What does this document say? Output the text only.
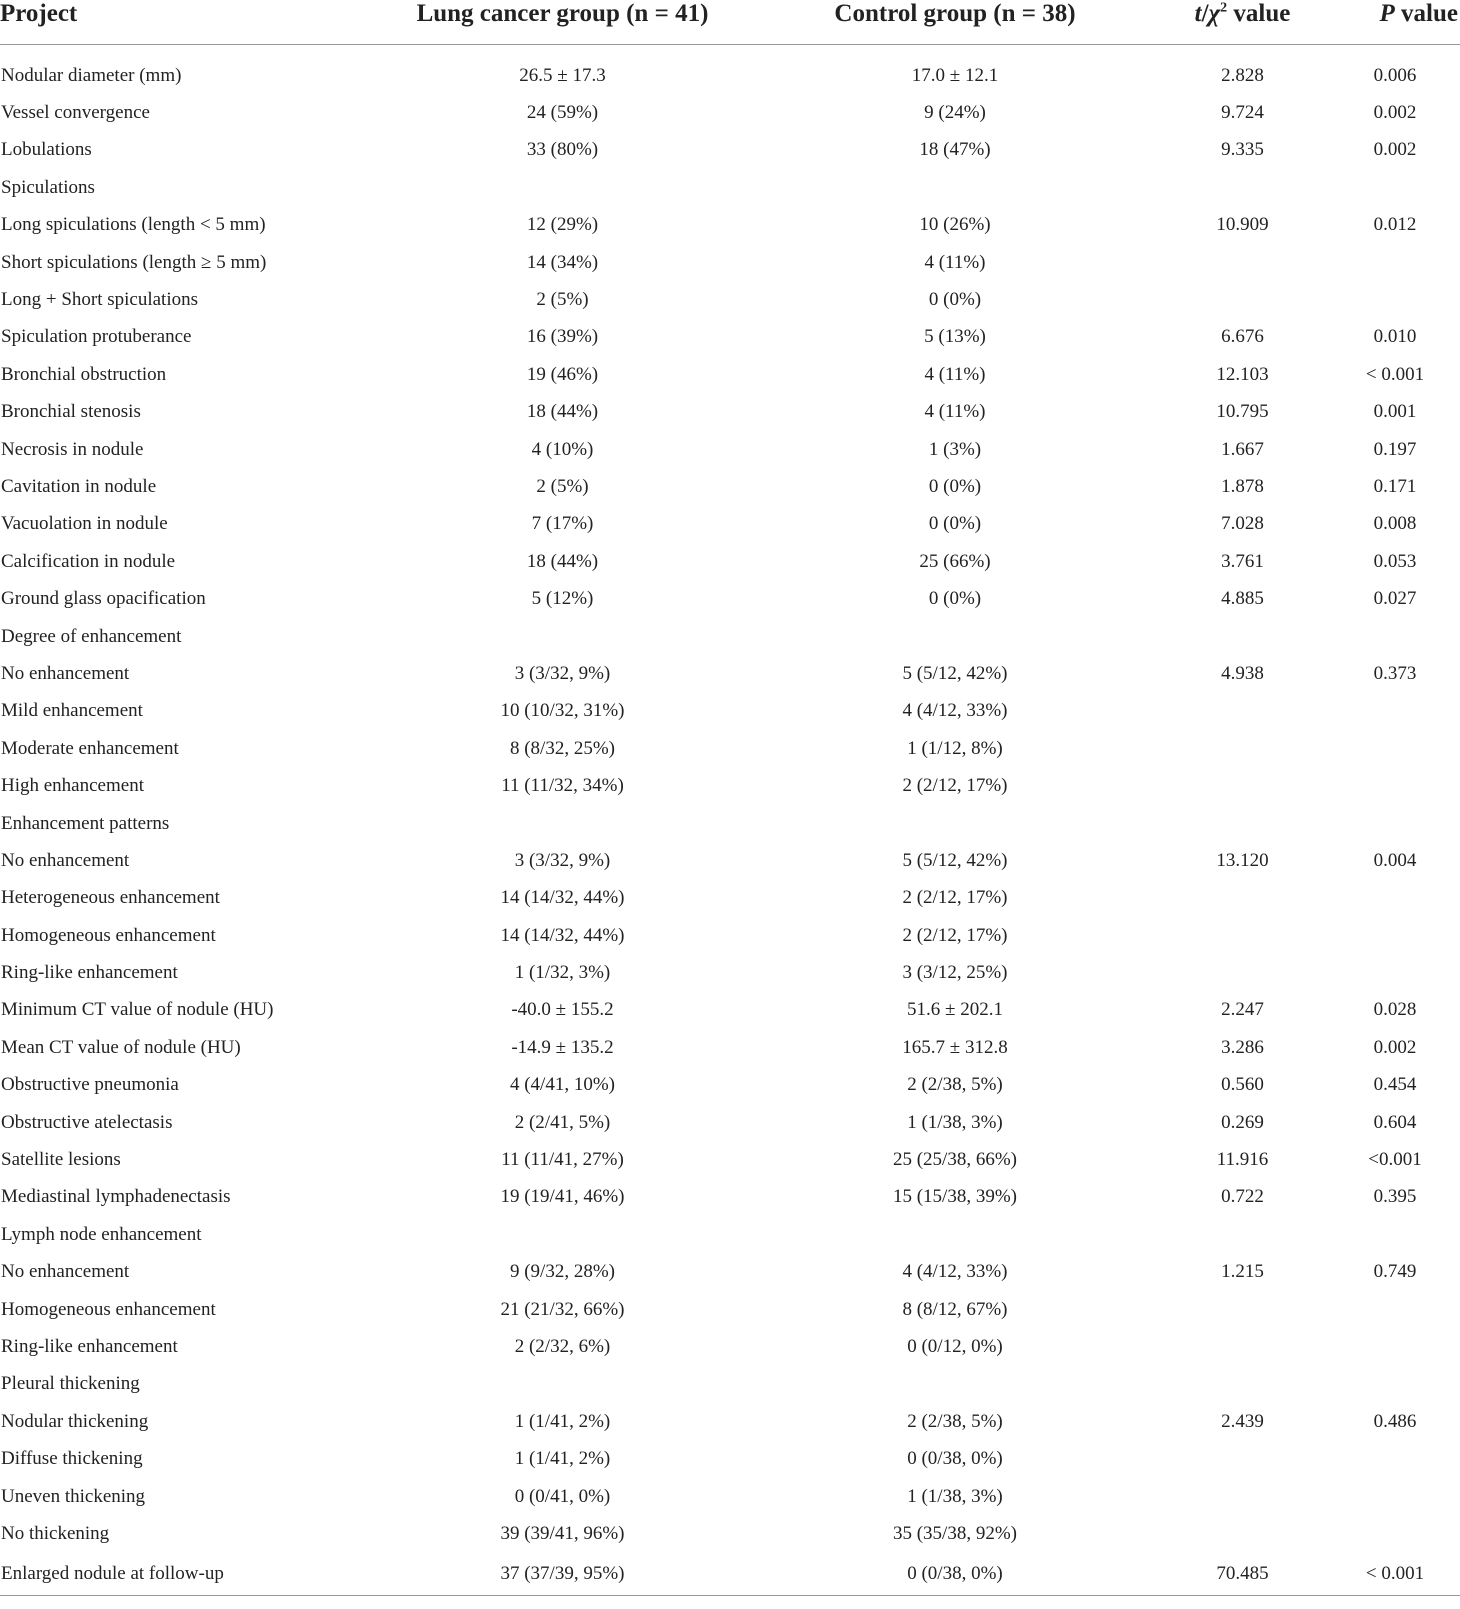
Project	Lung cancer group (n = 41)	Control group (n = 38)	$t/\chi^2$ value	P value
Nodular diameter (mm)	26.5 ± 17.3	17.0 ± 12.1	2.828	0.006
Vessel convergence	24 (59%)	9 (24%)	9.724	0.002
Lobulations	33 (80%)	18 (47%)	9.335	0.002
Spiculations				
Long spiculations (length < 5 mm)	12 (29%)	10 (26%)	10.909	0.012
Short spiculations (length ≥ 5 mm)	14 (34%)	4 (11%)		
Long + Short spiculations	2 (5%)	0 (0%)		
Spiculation protuberance	16 (39%)	5 (13%)	6.676	0.010
Bronchial obstruction	19 (46%)	4 (11%)	12.103	< 0.001
Bronchial stenosis	18 (44%)	4 (11%)	10.795	0.001
Necrosis in nodule	4 (10%)	1 (3%)	1.667	0.197
Cavitation in nodule	2 (5%)	0 (0%)	1.878	0.171
Vacuolation in nodule	7 (17%)	0 (0%)	7.028	0.008
Calcification in nodule	18 (44%)	25 (66%)	3.761	0.053
Ground glass opacification	5 (12%)	0 (0%)	4.885	0.027
Degree of enhancement				
No enhancement	3 (3/32, 9%)	5 (5/12, 42%)	4.938	0.373
Mild enhancement	10 (10/32, 31%)	4 (4/12, 33%)		
Moderate enhancement	8 (8/32, 25%)	1 (1/12, 8%)		
High enhancement	11 (11/32, 34%)	2 (2/12, 17%)		
Enhancement patterns				
No enhancement	3 (3/32, 9%)	5 (5/12, 42%)	13.120	0.004
Heterogeneous enhancement	14 (14/32, 44%)	2 (2/12, 17%)		
Homogeneous enhancement	14 (14/32, 44%)	2 (2/12, 17%)		
Ring-like enhancement	1 (1/32, 3%)	3 (3/12, 25%)		
Minimum CT value of nodule (HU)	-40.0 ± 155.2	51.6 ± 202.1	2.247	0.028
Mean CT value of nodule (HU)	-14.9 ± 135.2	165.7 ± 312.8	3.286	0.002
Obstructive pneumonia	4 (4/41, 10%)	2 (2/38, 5%)	0.560	0.454
Obstructive atelectasis	2 (2/41, 5%)	1 (1/38, 3%)	0.269	0.604
Satellite lesions	11 (11/41, 27%)	25 (25/38, 66%)	11.916	<0.001
Mediastinal lymphadenectasis	19 (19/41, 46%)	15 (15/38, 39%)	0.722	0.395
Lymph node enhancement				
No enhancement	9 (9/32, 28%)	4 (4/12, 33%)	1.215	0.749
Homogeneous enhancement	21 (21/32, 66%)	8 (8/12, 67%)		
Ring-like enhancement	2 (2/32, 6%)	0 (0/12, 0%)		
Pleural thickening				
Nodular thickening	1 (1/41, 2%)	2 (2/38, 5%)	2.439	0.486
Diffuse thickening	1 (1/41, 2%)	0 (0/38, 0%)		
Uneven thickening	0 (0/41, 0%)	1 (1/38, 3%)		
No thickening	39 (39/41, 96%)	35 (35/38, 92%)		
Enlarged nodule at follow-up	37 (37/39, 95%)	0 (0/38, 0%)	70.485	< 0.001
